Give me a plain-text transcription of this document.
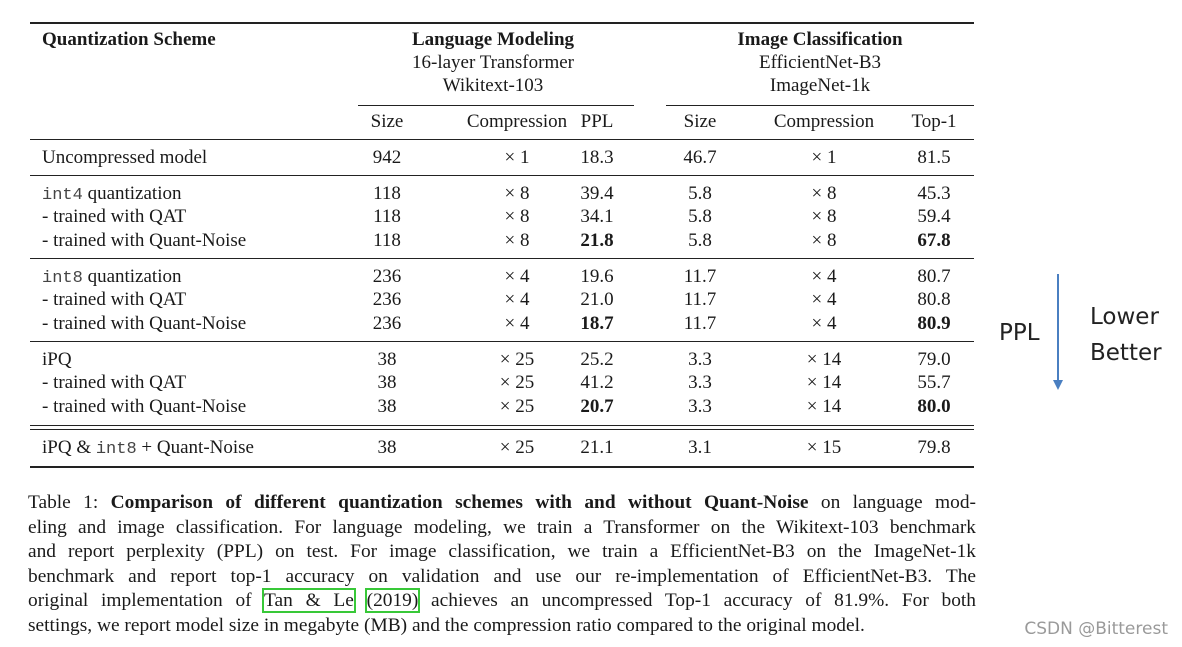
Quantization Scheme	Language Modeling
16-layer Transformer
Wikitext-103
Image Classification
EfficientNet-B3
ImageNet-1k
Size	Compression PPL	Size	Compression	Top-1
Uncompressed model	942	× 1	18.3	46.7	× 1	81.5
int4 quantization	118	× 8	39.4	5.8	× 8	45.3
- trained with QAT	118	× 8	34.1	5.8	× 8	59.4
- trained with Quant-Noise	118	× 8	21.8	5.8	× 8	67.8
int8 quantization	236	× 4	19.6	11.7	× 4	80.7
- trained with QAT	236	× 4	21.0	11.7	× 4	80.8
- trained with Quant-Noise	236	× 4	18.7	11.7	× 4	80.9
iPQ	38	× 25	25.2	3.3	× 14	79.0
- trained with QAT	38	× 25	41.2	3.3	× 14	55.7
- trained with Quant-Noise	38	× 25	20.7	3.3	× 14	80.0
iPQ & int8 + Quant-Noise	38	× 25	21.1	3.1	× 15	79.8
Table 1: Comparison of different quantization schemes with and without Quant-Noise on language mod-
eling and image classification. For language modeling, we train a Transformer on the Wikitext-103 benchmark
and report perplexity (PPL) on test. For image classification, we train a EfficientNet-B3 on the ImageNet-1k
benchmark and report top-1 accuracy on validation and use our re-implementation of EfficientNet-B3. The
original implementation of Tan & Le (2019) achieves an uncompressed Top-1 accuracy of 81.9%. For both
settings, we report model size in megabyte (MB) and the compression ratio compared to the original model.
PPL
Lower
Better
CSDN @Bitterest
